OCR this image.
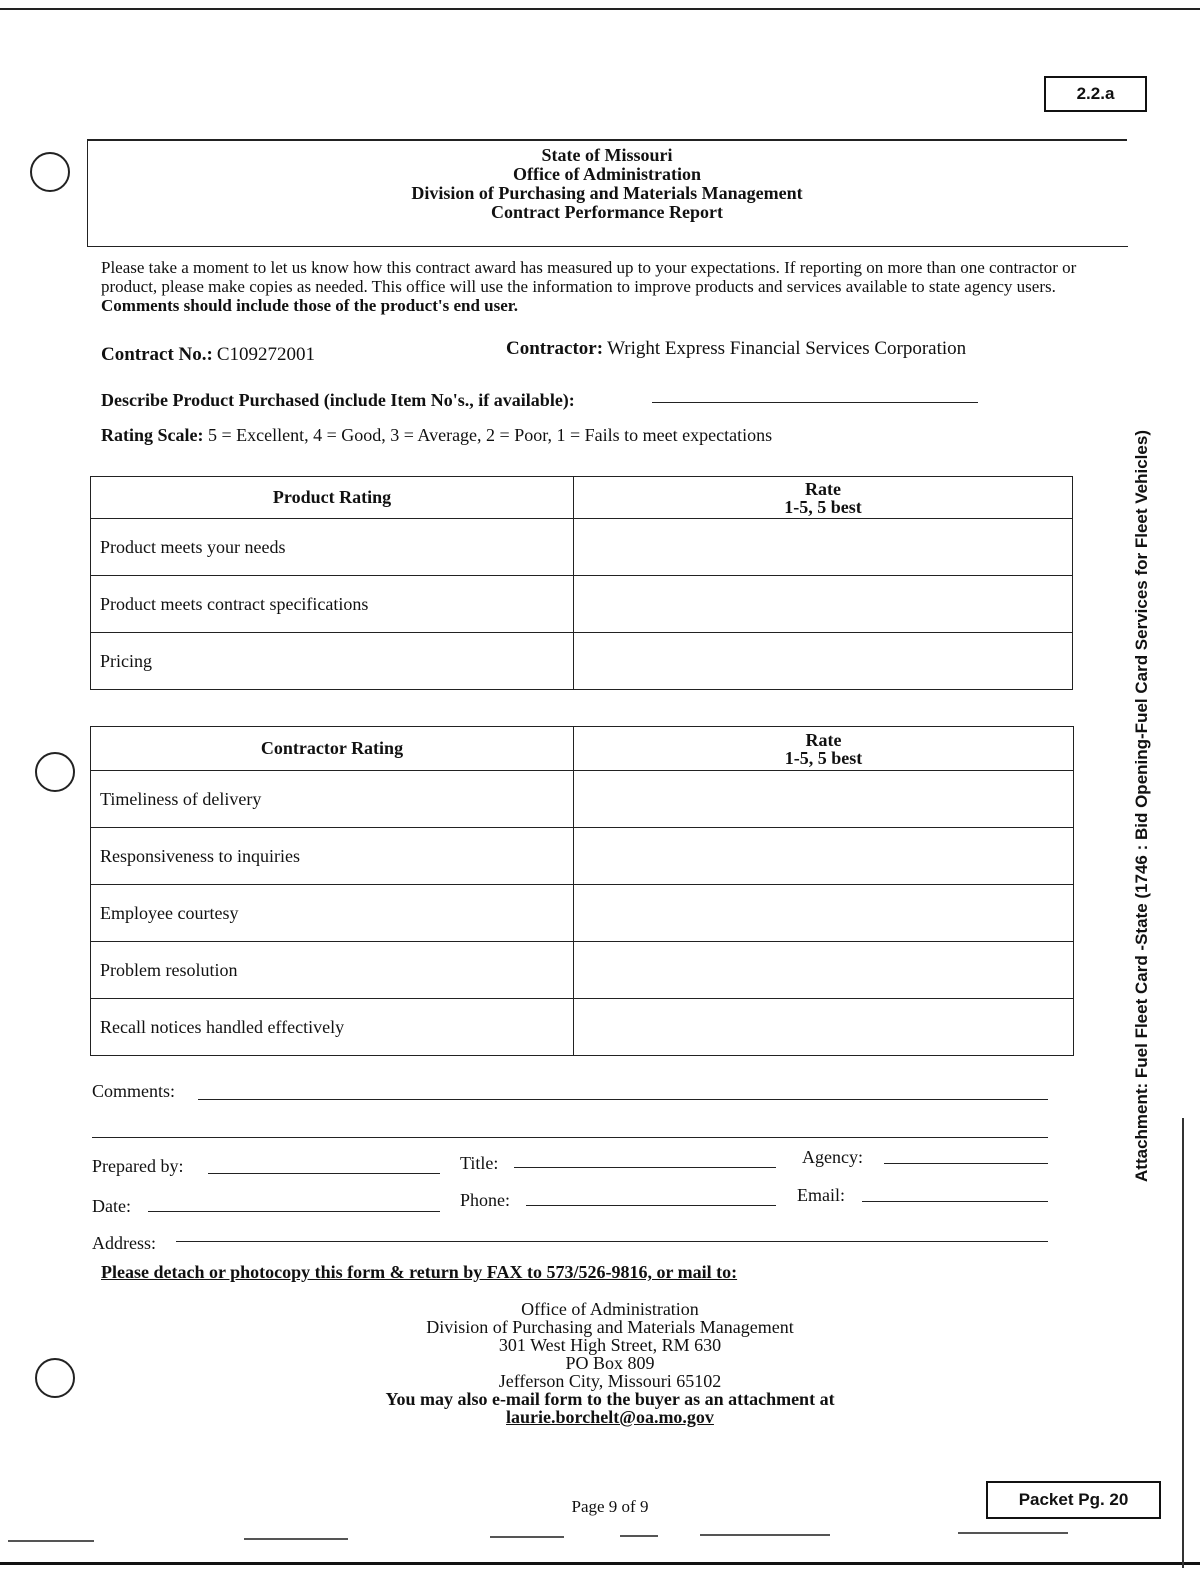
2.2.a
State of Missouri
Office of Administration
Division of Purchasing and Materials Management
Contract Performance Report
Please take a moment to let us know how this contract award has measured up to your expectations. If reporting on more than one contractor or product, please make copies as needed. This office will use the information to improve products and services available to state agency users. Comments should include those of the product's end user.
Contract No.: C109272001	Contractor: Wright Express Financial Services Corporation
Describe Product Purchased (include Item No's., if available):
Rating Scale: 5 = Excellent, 4 = Good, 3 = Average, 2 = Poor, 1 = Fails to meet expectations
Product Rating	Rate
1-5, 5 best

Product meets your needs	
Product meets contract specifications	
Pricing	
Contractor Rating	Rate
1-5, 5 best

Timeliness of delivery	
Responsiveness to inquiries	
Employee courtesy	
Problem resolution	
Recall notices handled effectively	
Comments:
Prepared by:	Title:	Agency:
Date:	Phone:	Email:
Address:
Please detach or photocopy this form & return by FAX to 573/526-9816, or mail to:
Office of Administration
Division of Purchasing and Materials Management
301 West High Street, RM 630
PO Box 809
Jefferson City, Missouri 65102
You may also e-mail form to the buyer as an attachment at
laurie.borchelt@oa.mo.gov
Page 9 of 9	Packet Pg. 20
Attachment: Fuel Fleet Card -State (1746 : Bid Opening-Fuel Card Services for Fleet Vehicles)
